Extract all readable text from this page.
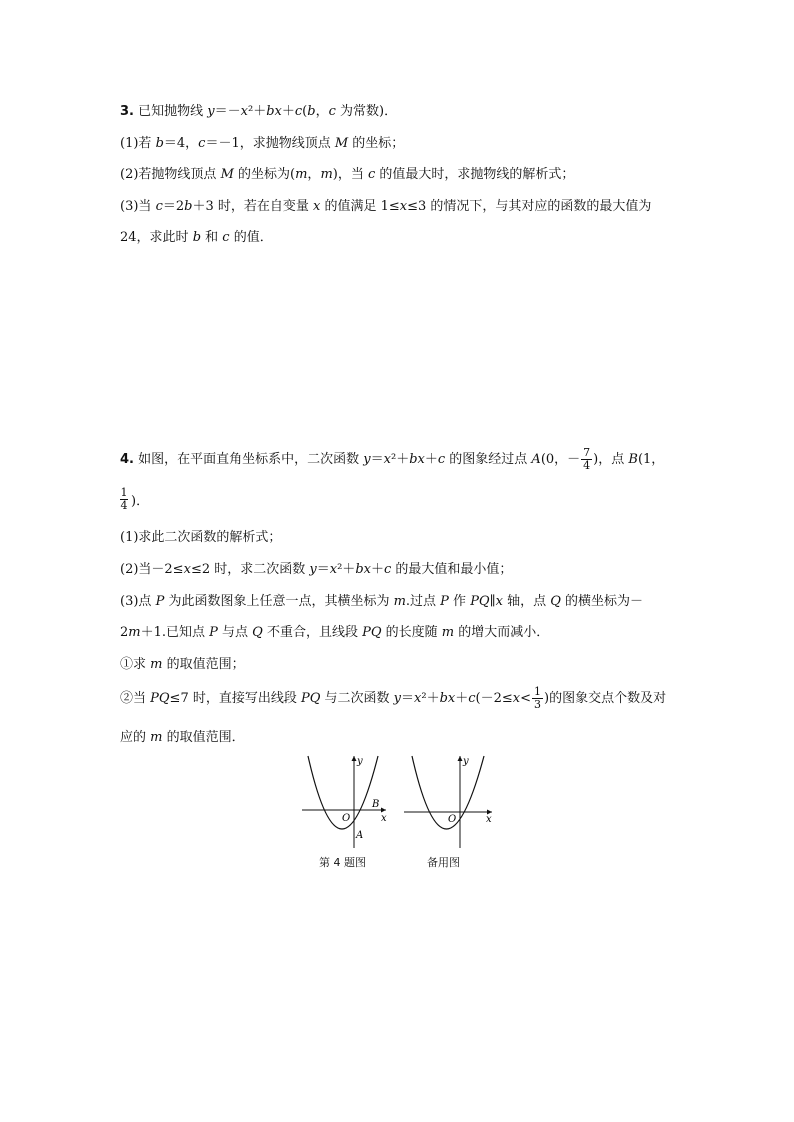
3. 已知抛物线 y＝－x²＋bx＋c(b，c 为常数)．
(1)若 b＝4，c＝－1，求抛物线顶点 M 的坐标；
(2)若抛物线顶点 M 的坐标为(m，m)，当 c 的值最大时，求抛物线的解析式；
(3)当 c＝2b＋3 时，若在自变量 x 的值满足 1≤x≤3 的情况下，与其对应的函数的最大值为
24，求此时 b 和 c 的值．
4. 如图，在平面直角坐标系中，二次函数 y＝x²＋bx＋c 的图象经过点 A(0，－ $\frac{7}{4}$ )，点 B(1，
1
4 )．
(1)求此二次函数的解析式；
(2)当－2≤x≤2 时，求二次函数 y＝x²＋bx＋c 的最大值和最小值；
(3)点 P 为此函数图象上任意一点，其横坐标为 m.过点 P 作 PQ∥x 轴，点 Q 的横坐标为－
2m＋1.已知点 P 与点 Q 不重合，且线段 PQ 的长度随 m 的增大而减小．
①求 m 的取值范围；
②当 PQ≤7 时，直接写出线段 PQ 与二次函数 $y=x^2+bx+c(-2\le x< \frac{1}{3}$ )的图象交点个数及对
应的 m 的取值范围．
y
x
O
A
B
第 4 题图
y
x
O
备用图
